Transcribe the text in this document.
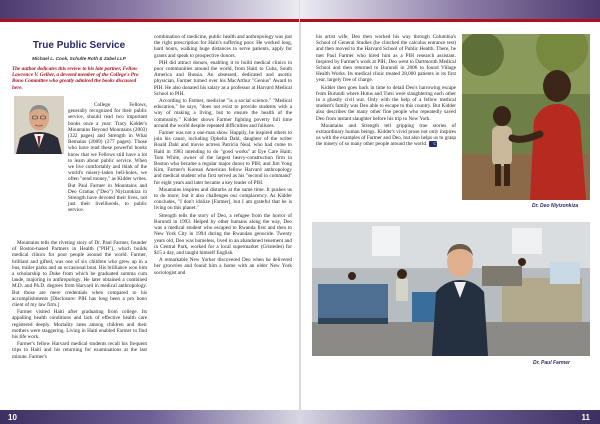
True Public Service
Michael L. Cook, Schulte Roth & Zabel LLP
The author dedicates this review to his late partner, Fellow Lawrence V. Gelber, a devoted member of the College's Pro Bono Committee who greatly admired the books discussed here.

College Fellows, generally recognized for their public service, should read two important books once a year: Tracy Kidder's Mountains Beyond Mountains (2003) (322 pages) and Strength in What Remains (2009) (277 pages). Those who have read these powerful books know that we Fellows still have a lot to learn about public service. When we live comfortably and think of the world's misery-laden hell-holes, we often "send money," as Kidder writes. But Paul Farmer in Mountains and Deo Gratias ("Deo") Niyizonkiza in Strength have devoted their lives, not just their livelihoods, to public service.

Mountains tells the riveting story of Dr. Paul Farmer, founder of Boston-based Partners in Health ("PIH"), which builds medical clinics for poor people around the world. Farmer, brilliant and gifted, was one of six children who grew up in a bus, trailer parks and an occasional boat. His brilliance won him a scholarship to Duke from which he graduated summa cum laude, majoring in anthropology. He later obtained a combined M.D. and Ph.D. degrees from Harvard in medical anthropology. But those are mere credentials when compared to his accomplishments [Disclosure: PIH has long been a pro bono client of my law firm.]

Farmer visited Haiti after graduating from college. Its appalling health conditions and lack of effective health care registered deeply. Mortality rates among children and their mothers were staggering. Living in Haiti enabled Farmer to find his life work.

Farmer's fellow Harvard medical students recall his frequent trips to Haiti and his returning for examinations at the last minute. Farmer's

combination of medicine, public health and anthropology was just the right prescription for Haiti's suffering poor. He worked long, hard hours, walking huge distances to serve patients, apply for grants and speak to prospective donors.

PIH did attract donors, enabling it to build medical clinics in poor communities around the world, from Haiti to Cuba, South America and Russia. An obsessed, dedicated and ascetic physician, Farmer turned over his MacArthur "Genius" Award to PIH. He also donated his salary as a professor at Harvard Medical School to PIH.

According to Farmer, medicine "is a social science." "Medical education," he says, "does not exist to provide students with a way of making a living, but to ensure the health of the community." Kidder shows Farmer fighting poverty full time around the world despite repeated difficulties and failures.

Farmer was not a one-man show. Happily, he inspired others to join his cause, including Ophelia Dahl, daughter of the writer Roald Dahl and movie actress Patricia Neal, who had come to Haiti in 1983 intending to do "good works" at Eye Care Haiti; Tom White, owner of the largest heavy-construction firm in Boston who became a regular major donor to PIH; and Jim Yong Kim, Farmer's Korean American fellow Harvard anthropology and medical student who first served as his "second in command" for eight years and later became a key leader of PIH.

Mountains inspires and disturbs at the same time. It pushes us to do more; but it also challenges our complacency. As Kidder concludes, "I don't idolize [Farmer], but I am grateful that he is living on this planet."

Strength tells the story of Deo, a refugee from the horror of Burundi in 1993. Helped by other humans along the way, Deo was a medical student who escaped to Rwanda first and then to New York City in 1994 during the Rwandan genocide. Twenty years old, Deo was homeless, lived in an abandoned tenement and in Central Park, worked for a local supermarket (Gristedes) for $15 a day, and taught himself English.

A remarkable New Yorker discovered Deo when he delivered her groceries and found him a home with an older New York sociologist and

10

his artist wife. Deo then worked his way through Columbia's School of General Studies (he clinched the calculus entrance test) and then moved to the Harvard School of Public Health. There, he met Paul Farmer who hired him as a PIH research assistant. Inspired by Farmer's work at PIH, Deo went to Dartmouth Medical School and then returned to Burundi in 2006 to found Village Health Works. Its medical clinic treated 28,000 patients in its first year, largely free of charge.

Kidder then goes back in time to detail Deo's harrowing escape from Burundi where Hutus and Tutsi were slaughtering each other in a ghastly civil war. Only with the help of a fellow medical student's family was Deo able to escape to this country. But Kidder also describes the many other fine people who repeatedly saved Deo from instant slaughter before his trip to New York.

Mountains and Strength tell gripping true stories of extraordinary human beings. Kidder's vivid prose not only inspires us with the examples of Farmer and Deo, but also helps us to grasp the misery of so many other people around the world. CT

Dr. Deo Niyizonkiza
Dr. Paul Farmer
11
